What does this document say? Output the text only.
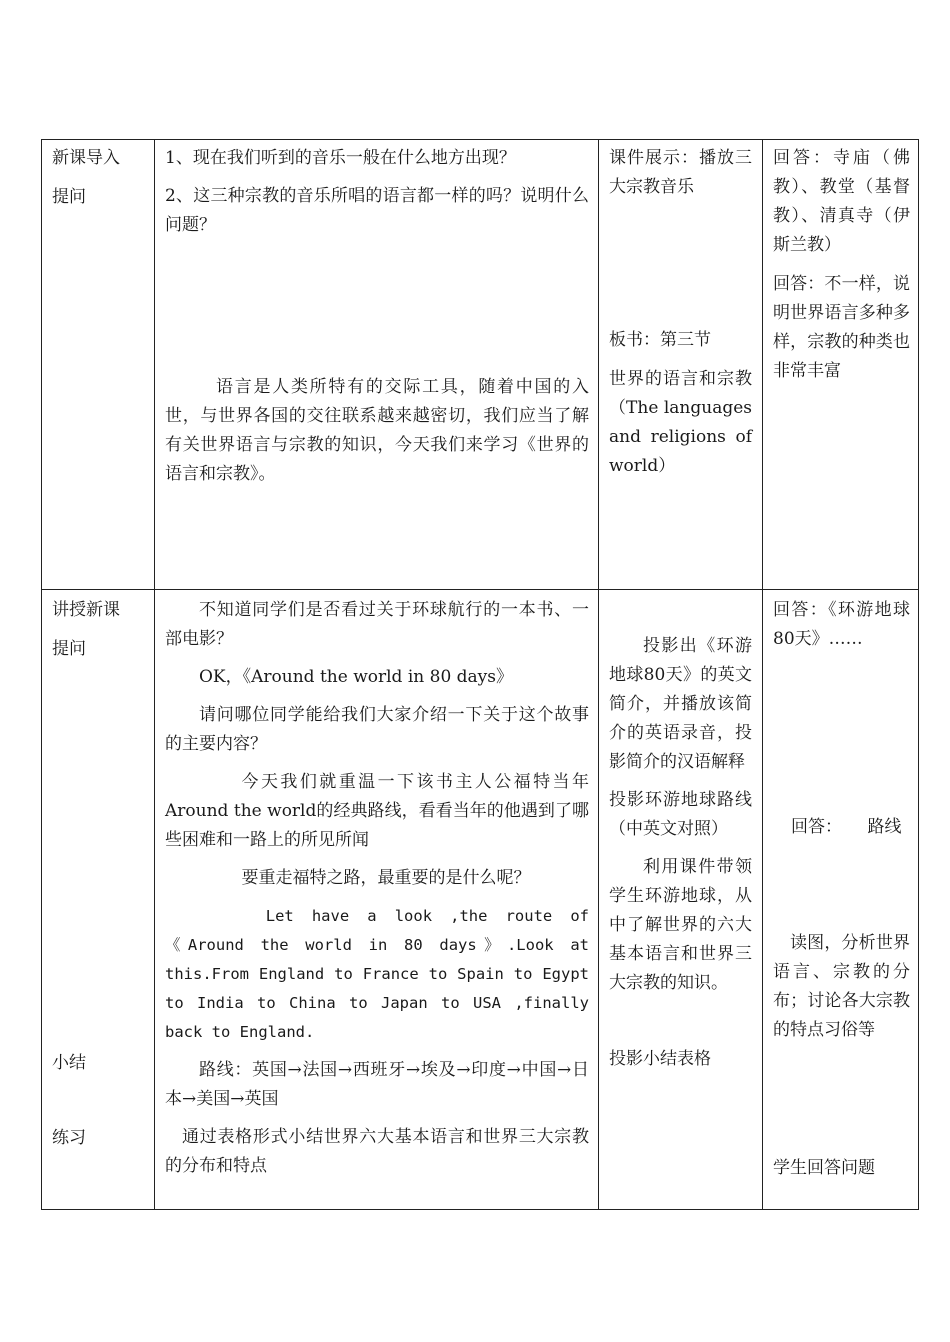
新课导入

提问

1、现在我们听到的音乐一般在什么地方出现？

2、这三种宗教的音乐所唱的语言都一样的吗？说明什么问题？

语言是人类所特有的交际工具，随着中国的入世，与世界各国的交往联系越来越密切，我们应当了解有关世界语言与宗教的知识，今天我们来学习《世界的语言和宗教》。

课件展示：播放三大宗教音乐

板书：第三节

世界的语言和宗教（The languages and religions of world）

回答：寺庙（佛教）、教堂（基督教）、清真寺（伊斯兰教）

回答：不一样，说明世界语言多种多样，宗教的种类也非常丰富

讲授新课

提问

小结

练习

不知道同学们是否看过关于环球航行的一本书、一部电影？

OK，《Around the world in 80 days》

请问哪位同学能给我们大家介绍一下关于这个故事的主要内容？

今天我们就重温一下该书主人公福特当年Around the world的经典路线，看看当年的他遇到了哪些困难和一路上的所见所闻

要重走福特之路，最重要的是什么呢？

Let have a look ,the route of《Around the world in 80 days》.Look at this.From England to France to Spain to Egypt to India to China to Japan to USA ,finally back to England.

路线：英国→法国→西班牙→埃及→印度→中国→日本→美国→英国

通过表格形式小结世界六大基本语言和世界三大宗教的分布和特点

投影出《环游地球80天》的英文简介，并播放该简介的英语录音，投影简介的汉语解释

投影环游地球路线（中英文对照）

利用课件带领学生环游地球，从中了解世界的六大基本语言和世界三大宗教的知识。

投影小结表格

回答：《环游地球80天》……

回答：　　路线

读图，分析世界语言、宗教的分布；讨论各大宗教的特点习俗等

学生回答问题
